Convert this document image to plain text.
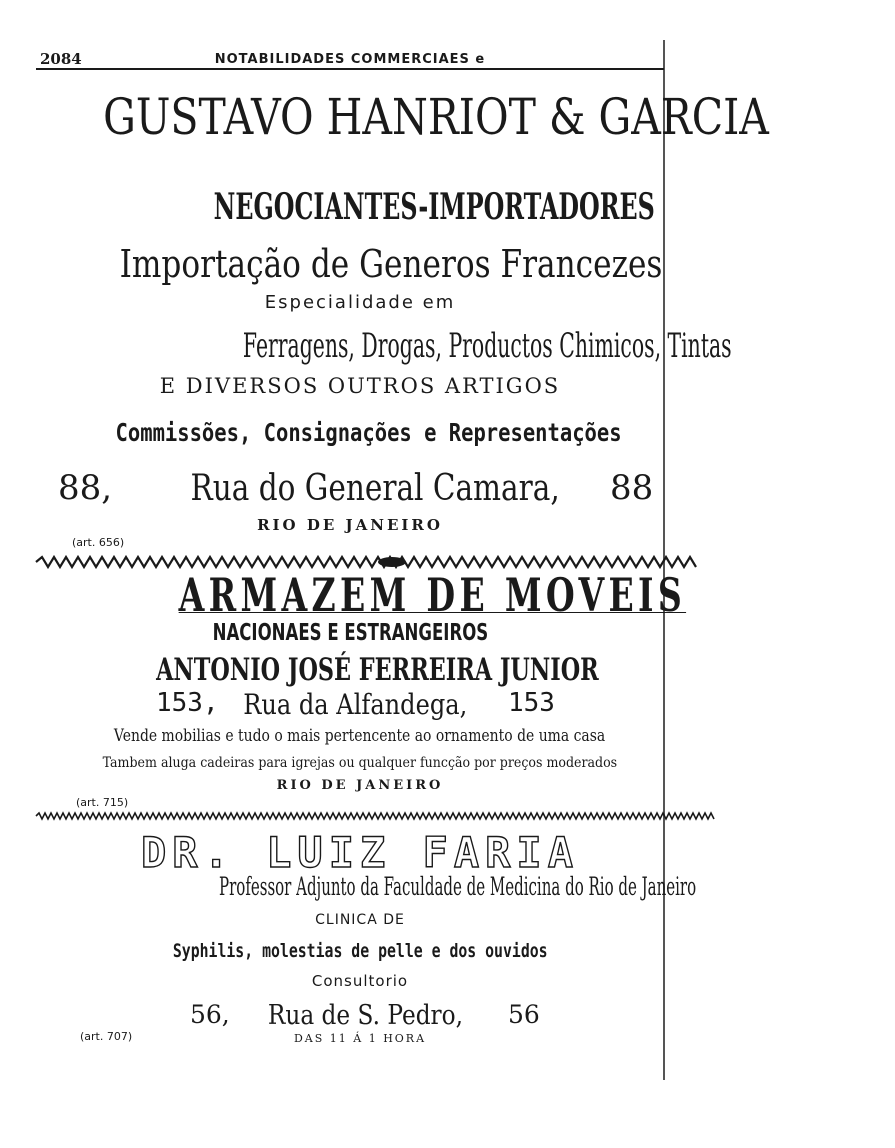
2084	NOTABILIDADES COMMERCIAES e
GUSTAVO HANRIOT & GARCIA
NEGOCIANTES-IMPORTADORES
Importação de Generos Francezes
Especialidade em
Ferragens, Drogas, Productos Chimicos, Tintas
E DIVERSOS OUTROS ARTIGOS
Commissões, Consignações e Representações
88,	Rua do General Camara,	88
RIO DE JANEIRO
(art. 656)
ARMAZEM DE MOVEIS
NACIONAES E ESTRANGEIROS
ANTONIO JOSÉ FERREIRA JUNIOR
153, Rua da Alfandega,	153
Vende mobilias e tudo o mais pertencente ao ornamento de uma casa
Tambem aluga cadeiras para igrejas ou qualquer funcção por preços moderados
RIO DE JANEIRO
(art. 715)
DR. LUIZ FARIA
Professor Adjunto da Faculdade de Medicina do Rio de Janeiro
CLINICA DE
Syphilis, molestias de pelle e dos ouvidos
Consultorio
56,	Rua de S. Pedro,	56
(art. 707)	DAS 11 Á 1 HORA
